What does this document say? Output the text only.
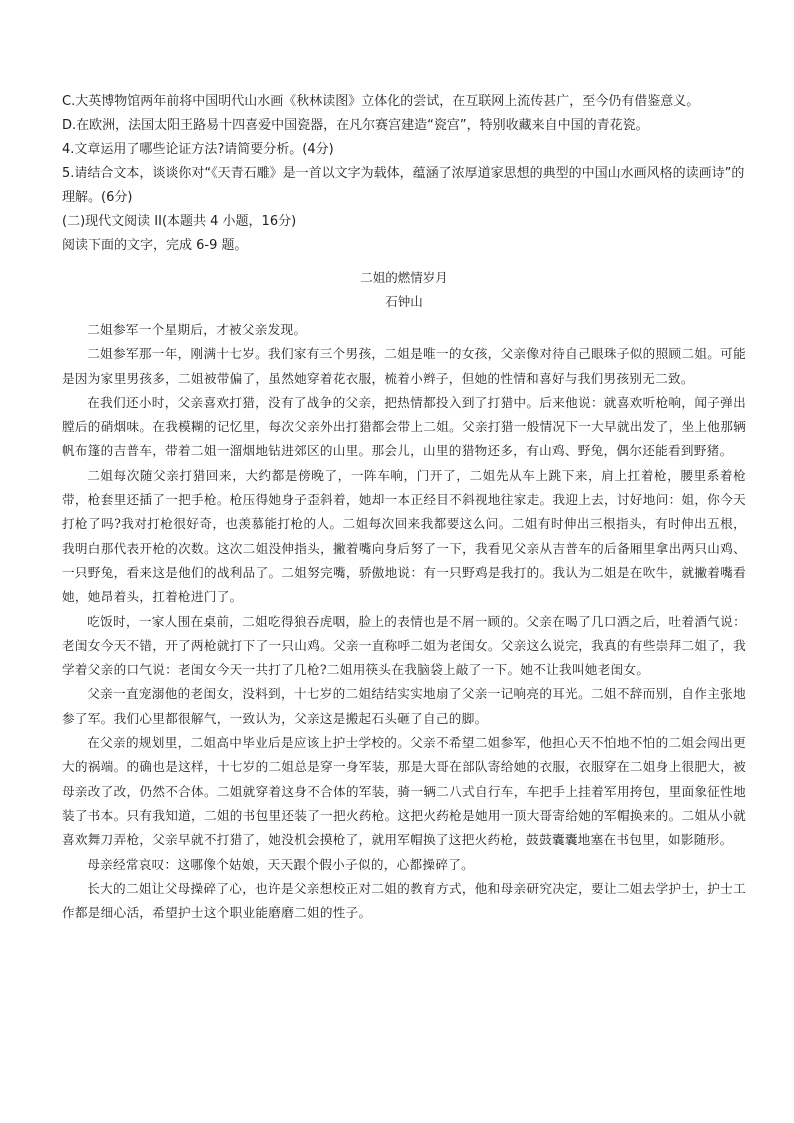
C.大英博物馆两年前将中国明代山水画《秋林读图》立体化的尝试，在互联网上流传甚广，至今仍有借鉴意义。

D.在欧洲，法国太阳王路易十四喜爱中国瓷器，在凡尔赛宫建造“瓷宫”，特别收藏来自中国的青花瓷。

4.文章运用了哪些论证方法?请简要分析。(4分)

5.请结合文本，谈谈你对“《天青石雕》是一首以文字为载体，蕴涵了浓厚道家思想的典型的中国山水画风格的读画诗”的理解。(6分)

(二)现代文阅读 II(本题共 4 小题，16分)

阅读下面的文字，完成 6-9 题。

二姐的燃情岁月
石钟山

二姐参军一个星期后，才被父亲发现。

二姐参军那一年，刚满十七岁。我们家有三个男孩，二姐是唯一的女孩，父亲像对待自己眼珠子似的照顾二姐。可能是因为家里男孩多，二姐被带偏了，虽然她穿着花衣服，梳着小辫子，但她的性情和喜好与我们男孩别无二致。

在我们还小时，父亲喜欢打猎，没有了战争的父亲，把热情都投入到了打猎中。后来他说：就喜欢听枪响，闻子弹出膛后的硝烟味。在我模糊的记忆里，每次父亲外出打猎都会带上二姐。父亲打猎一般情况下一大早就出发了，坐上他那辆帆布篷的吉普车，带着二姐一溜烟地钻进郊区的山里。那会儿，山里的猎物还多，有山鸡、野兔，偶尔还能看到野猪。

二姐每次随父亲打猎回来，大约都是傍晚了，一阵车响，门开了，二姐先从车上跳下来，肩上扛着枪，腰里系着枪带，枪套里还插了一把手枪。枪压得她身子歪斜着，她却一本正经目不斜视地往家走。我迎上去，讨好地问：姐，你今天打枪了吗?我对打枪很好奇，也羡慕能打枪的人。二姐每次回来我都要这么问。二姐有时伸出三根指头，有时伸出五根，我明白那代表开枪的次数。这次二姐没伸指头，撇着嘴向身后努了一下，我看见父亲从吉普车的后备厢里拿出两只山鸡、一只野兔，看来这是他们的战利品了。二姐努完嘴，骄傲地说：有一只野鸡是我打的。我认为二姐是在吹牛，就撇着嘴看她，她昂着头，扛着枪进门了。

吃饭时，一家人围在桌前，二姐吃得狼吞虎咽，脸上的表情也是不屑一顾的。父亲在喝了几口酒之后，吐着酒气说：老闺女今天不错，开了两枪就打下了一只山鸡。父亲一直称呼二姐为老闺女。父亲这么说完，我真的有些崇拜二姐了，我学着父亲的口气说：老闺女今天一共打了几枪?二姐用筷头在我脑袋上敲了一下。她不让我叫她老闺女。

父亲一直宠溺他的老闺女，没料到，十七岁的二姐结结实实地扇了父亲一记响亮的耳光。二姐不辞而别，自作主张地参了军。我们心里都很解气，一致认为，父亲这是搬起石头砸了自己的脚。

在父亲的规划里，二姐高中毕业后是应该上护士学校的。父亲不希望二姐参军，他担心天不怕地不怕的二姐会闯出更大的祸端。的确也是这样，十七岁的二姐总是穿一身军装，那是大哥在部队寄给她的衣服，衣服穿在二姐身上很肥大，被母亲改了改，仍然不合体。二姐就穿着这身不合体的军装，骑一辆二八式自行车，车把手上挂着军用挎包，里面象征性地装了书本。只有我知道，二姐的书包里还装了一把火药枪。这把火药枪是她用一顶大哥寄给她的军帽换来的。二姐从小就喜欢舞刀弄枪，父亲早就不打猎了，她没机会摸枪了，就用军帽换了这把火药枪，鼓鼓囊囊地塞在书包里，如影随形。

母亲经常哀叹：这哪像个姑娘，天天跟个假小子似的，心都操碎了。

长大的二姐让父母操碎了心，也许是父亲想校正对二姐的教育方式，他和母亲研究决定，要让二姐去学护士，护士工作都是细心活，希望护士这个职业能磨磨二姐的性子。
